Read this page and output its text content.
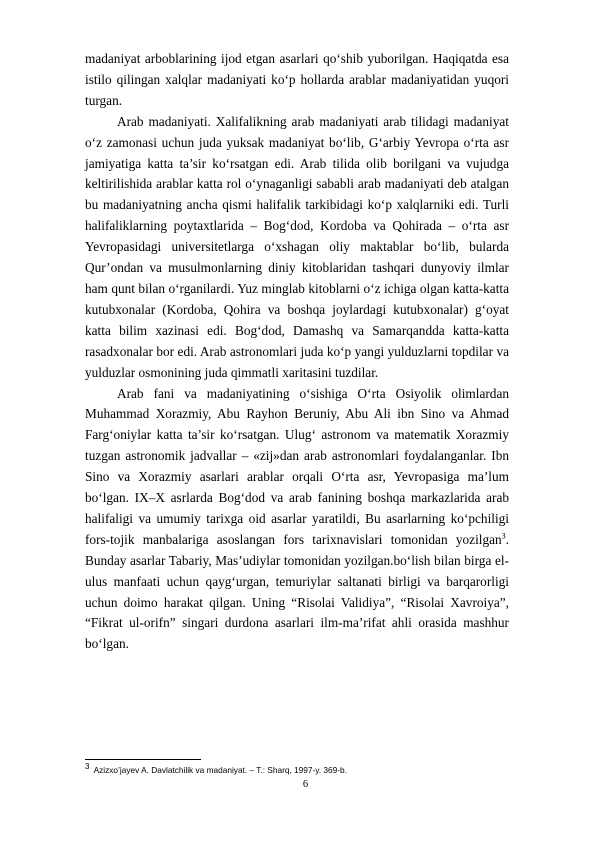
madaniyat arboblarining ijod etgan asarlari qo‘shib yuborilgan. Haqiqatda esa istilo qilingan xalqlar madaniyati ko‘p hollarda arablar madaniyatidan yuqori turgan.

Arab madaniyati. Xalifalikning arab madaniyati arab tilidagi madaniyat o‘z zamonasi uchun juda yuksak madaniyat bo‘lib, G‘arbiy Yevropa o‘rta asr jamiyatiga katta ta’sir ko‘rsatgan edi. Arab tilida olib borilgani va vujudga keltirilishida arablar katta rol o‘ynaganligi sababli arab madaniyati deb atalgan bu madaniyatning ancha qismi halifalik tarkibidagi ko‘p xalqlarniki edi. Turli halifaliklarning poytaxtlarida – Bog‘dod, Kordoba va Qohirada – o‘rta asr Yevropasidagi universitetlarga o‘xshagan oliy maktablar bo‘lib, bularda Qur’ondan va musulmonlarning diniy kitoblaridan tashqari dunyoviy ilmlar ham qunt bilan o‘rganilardi. Yuz minglab kitoblarni o‘z ichiga olgan katta-katta kutubxonalar (Kordoba, Qohira va boshqa joylardagi kutubxonalar) g‘oyat katta bilim xazinasi edi. Bog‘dod, Damashq va Samarqandda katta-katta rasadxonalar bor edi. Arab astronomlari juda ko‘p yangi yulduzlarni topdilar va yulduzlar osmonining juda qimmatli xaritasini tuzdilar.

Arab fani va madaniyatining o‘sishiga O‘rta Osiyolik olimlardan Muhammad Xorazmiy, Abu Rayhon Beruniy, Abu Ali ibn Sino va Ahmad Farg‘oniylar katta ta’sir ko‘rsatgan. Ulug‘ astronom va matematik Xorazmiy tuzgan astronomik jadvallar – «zij»dan arab astronomlari foydalanganlar. Ibn Sino va Xorazmiy asarlari arablar orqali O‘rta asr, Yevropasiga ma’lum bo‘lgan. IX–X asrlarda Bog‘dod va arab fanining boshqa markazlarida arab halifaligi va umumiy tarixga oid asarlar yaratildi, Bu asarlarning ko‘pchiligi fors-tojik manbalariga asoslangan fors tarixnavislari tomonidan yozilgan$^3$. Bunday asarlar Tabariy, Mas’udiylar tomonidan yozilgan.bo‘lish bilan birga el-ulus manfaati uchun qayg‘urgan, temuriylar saltanati birligi va barqarorligi uchun doimo harakat qilgan. Uning “Risolai Validiya”, “Risolai Xavroiya”, “Fikrat ul-orifn” singari durdona asarlari ilm-ma’rifat ahli orasida mashhur bo‘lgan.

$^3$ Azizxo’jayev A. Davlatchilik va madaniyat. – T.: Sharq, 1997-y. 369-b.
6
